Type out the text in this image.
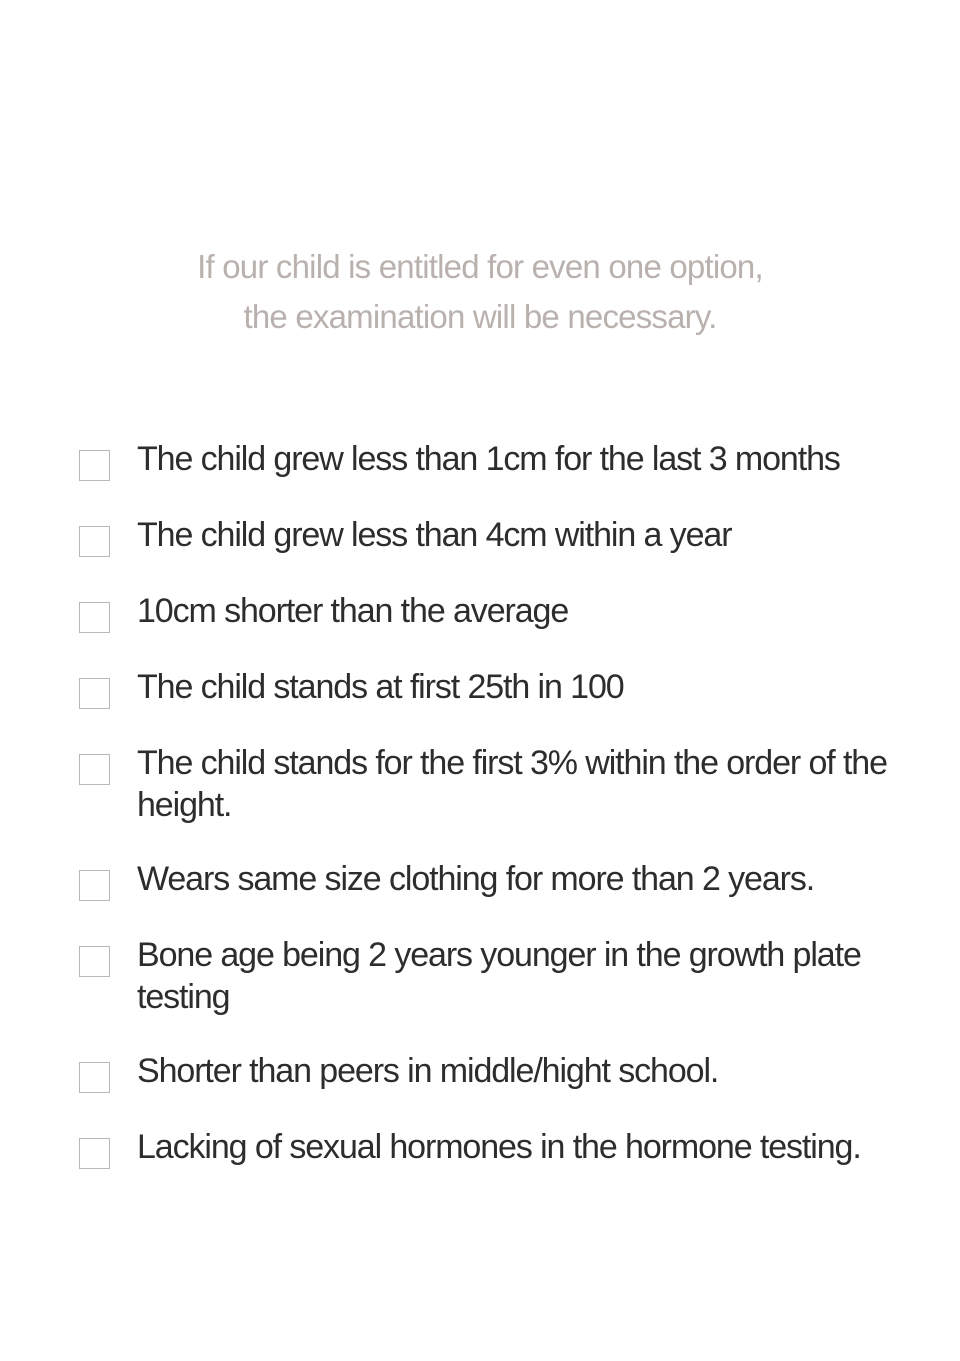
If our child is entitled for even one option,
the examination will be necessary.
The child grew less than 1cm for the last 3 months
The child grew less than 4cm within a year
10cm shorter than the average
The child stands at first 25th in 100
The child stands for the first 3% within the order of the height.
Wears same size clothing for more than 2 years.
Bone age being 2 years younger in the growth plate testing
Shorter than peers in middle/hight school.
Lacking of sexual hormones in the hormone testing.
